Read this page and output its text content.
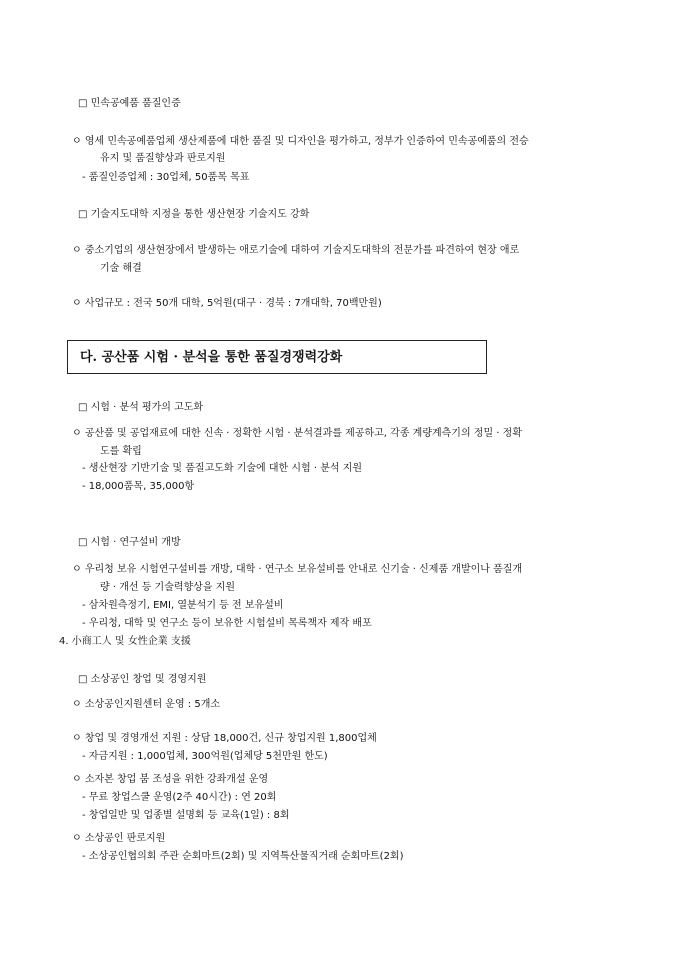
□ 민속공예품 품질인증
ㅇ 영세 민속공예품업체 생산제품에 대한 품질 및 디자인을 평가하고, 정부가 인증하여 민속공예품의 전승
유지 및 품질향상과 판로지원
- 품질인증업체 : 30업체, 50품목 목표
□ 기술지도대학 지정을 통한 생산현장 기술지도 강화
ㅇ 중소기업의 생산현장에서 발생하는 애로기술에 대하여 기술지도대학의 전문가를 파견하여 현장 애로
기술 해결
ㅇ 사업규모 : 전국 50개 대학, 5억원(대구 · 경북 : 7개대학, 70백만원)
다. 공산품 시험 · 분석을 통한 품질경쟁력강화
□ 시험 · 분석 평가의 고도화
ㅇ 공산품 및 공업재료에 대한 신속 · 정확한 시험 · 분석결과를 제공하고, 각종 계량계측기의 정밀 · 정확
도를 확립
- 생산현장 기반기술 및 품질고도화 기술에 대한 시험 · 분석 지원
- 18,000품목, 35,000항
□ 시험 · 연구설비 개방
ㅇ 우리청 보유 시험연구설비를 개방, 대학 · 연구소 보유설비를 안내로 신기술 · 신제품 개발이나 품질개
량 · 개선 등 기술력향상을 지원
- 삼차원측정기, EMI, 열분석기 등 전 보유설비
- 우리청, 대학 및 연구소 등이 보유한 시험설비 목록책자 제작 배포
4. 小商工人 및 女性企業 支援
□ 소상공인 창업 및 경영지원
ㅇ 소상공인지원센터 운영 : 5개소
ㅇ 창업 및 경영개선 지원 : 상담 18,000건, 신규 창업지원 1,800업체
- 자금지원 : 1,000업체, 300억원(업체당 5천만원 한도)
ㅇ 소자본 창업 붐 조성을 위한 강좌개설 운영
- 무료 창업스쿨 운영(2주 40시간) : 연 20회
- 창업일반 및 업종별 설명회 등 교육(1일) : 8회
ㅇ 소상공인 판로지원
- 소상공인협의회 주관 순회마트(2회) 및 지역특산물직거래 순회마트(2회)
